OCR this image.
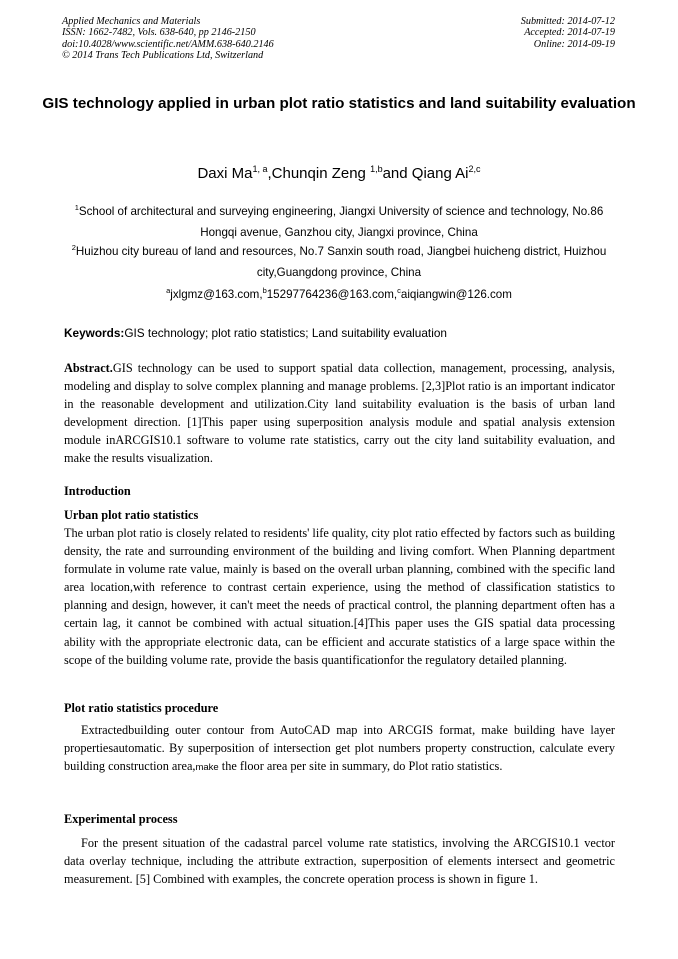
Applied Mechanics and Materials
ISSN: 1662-7482, Vols. 638-640, pp 2146-2150
doi:10.4028/www.scientific.net/AMM.638-640.2146
© 2014 Trans Tech Publications Ltd, Switzerland
Submitted: 2014-07-12
Accepted: 2014-07-19
Online: 2014-09-19
GIS technology applied in urban plot ratio statistics and land suitability evaluation
Daxi Ma$^{1, a}$,Chunqin Zeng $^{1,b}$and Qiang Ai$^{2,c}$
$^1$School of architectural and surveying engineering, Jiangxi University of science and technology, No.86 Hongqi avenue, Ganzhou city, Jiangxi province, China
$^2$Huizhou city bureau of land and resources, No.7 Sanxin south road, Jiangbei huicheng district, Huizhou city,Guangdong province, China
$^a$jxlgmz@163.com,$^b$15297764236@163.com,$^c$aiqiangwin@126.com
Keywords:GIS technology; plot ratio statistics; Land suitability evaluation
Abstract.GIS technology can be used to support spatial data collection, management, processing, analysis, modeling and display to solve complex planning and manage problems. [2,3]Plot ratio is an important indicator in the reasonable development and utilization.City land suitability evaluation is the basis of urban land development direction. [1]This paper using superposition analysis module and spatial analysis extension module inARCGIS10.1 software to volume rate statistics, carry out the city land suitability evaluation, and make the results visualization.
Introduction
Urban plot ratio statistics
The urban plot ratio is closely related to residents' life quality, city plot ratio effected by factors such as building density, the rate and surrounding environment of the building and living comfort. When Planning department formulate in volume rate value, mainly is based on the overall urban planning, combined with the specific land area location,with reference to contrast certain experience, using the method of classification statistics to planning and design, however, it can't meet the needs of practical control, the planning department often has a certain lag, it cannot be combined with actual situation.[4]This paper uses the GIS spatial data processing ability with the appropriate electronic data, can be efficient and accurate statistics of a large space within the scope of the building volume rate, provide the basis quantificationfor the regulatory detailed planning.
Plot ratio statistics procedure
Extractedbuilding outer contour from AutoCAD map into ARCGIS format, make building have layer propertiesautomatic. By superposition of intersection get plot numbers property construction, calculate every building construction area,make the floor area per site in summary, do Plot ratio statistics.
Experimental process
For the present situation of the cadastral parcel volume rate statistics, involving the ARCGIS10.1 vector data overlay technique, including the attribute extraction, superposition of elements intersect and geometric measurement. [5] Combined with examples, the concrete operation process is shown in figure 1.
